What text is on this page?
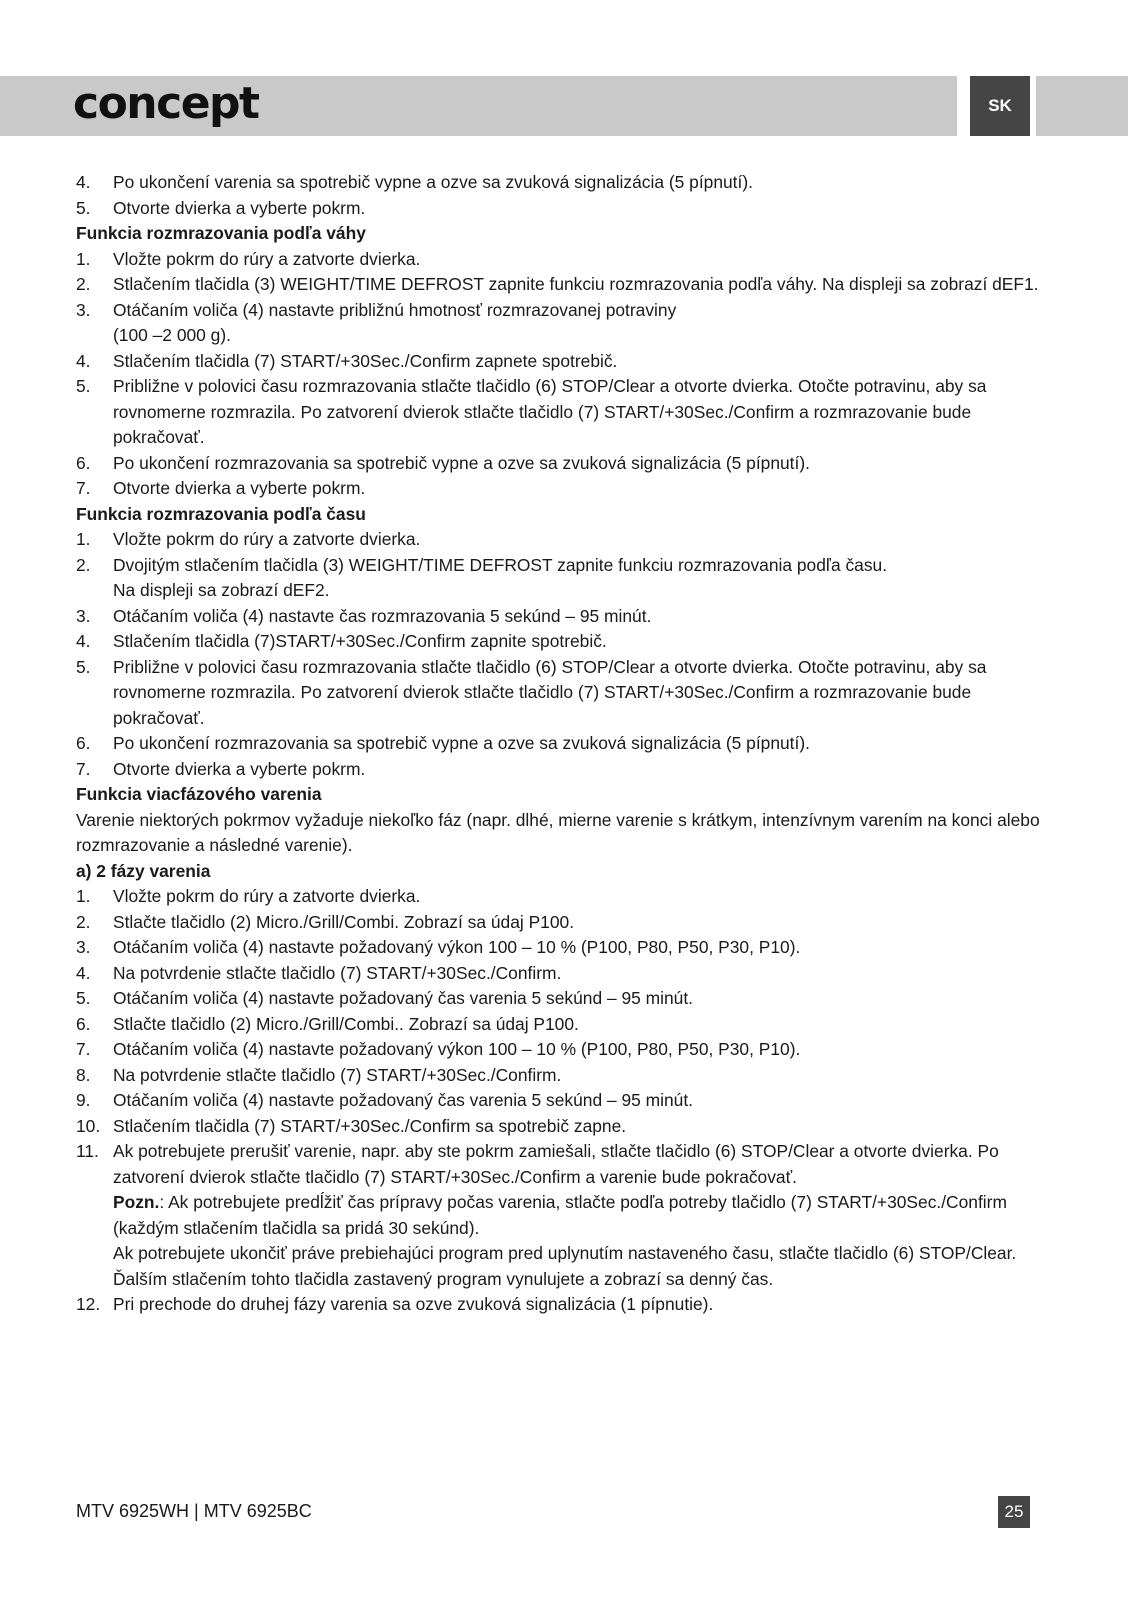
concept	SK
4. Po ukončení varenia sa spotrebič vypne a ozve sa zvuková signalizácia (5 pípnutí).
5. Otvorte dvierka a vyberte pokrm.
Funkcia rozmrazovania podľa váhy
1. Vložte pokrm do rúry a zatvorte dvierka.
2. Stlačením tlačidla (3) WEIGHT/TIME DEFROST zapnite funkciu rozmrazovania podľa váhy. Na displeji sa zobrazí dEF1.
3. Otáčaním voliča (4) nastavte približnú hmotnosť rozmrazovanej potraviny
(100 –2 000 g).
4. Stlačením tlačidla (7) START/+30Sec./Confirm zapnete spotrebič.
5. Približne v polovici času rozmrazovania stlačte tlačidlo (6) STOP/Clear a otvorte dvierka. Otočte potravinu, aby sa rovnomerne rozmrazila. Po zatvorení dvierok stlačte tlačidlo (7) START/+30Sec./Confirm a rozmrazovanie bude pokračovať.
6. Po ukončení rozmrazovania sa spotrebič vypne a ozve sa zvuková signalizácia (5 pípnutí).
7. Otvorte dvierka a vyberte pokrm.
Funkcia rozmrazovania podľa času
1. Vložte pokrm do rúry a zatvorte dvierka.
2. Dvojitým stlačením tlačidla (3) WEIGHT/TIME DEFROST zapnite funkciu rozmrazovania podľa času.
Na displeji sa zobrazí dEF2.
3. Otáčaním voliča (4) nastavte čas rozmrazovania 5 sekúnd – 95 minút.
4. Stlačením tlačidla (7)START/+30Sec./Confirm zapnite spotrebič.
5. Približne v polovici času rozmrazovania stlačte tlačidlo (6) STOP/Clear a otvorte dvierka. Otočte potravinu, aby sa rovnomerne rozmrazila. Po zatvorení dvierok stlačte tlačidlo (7) START/+30Sec./Confirm a rozmrazovanie bude pokračovať.
6. Po ukončení rozmrazovania sa spotrebič vypne a ozve sa zvuková signalizácia (5 pípnutí).
7. Otvorte dvierka a vyberte pokrm.
Funkcia viacfázového varenia

Varenie niektorých pokrmov vyžaduje niekoľko fáz (napr. dlhé, mierne varenie s krátkym, intenzívnym varením na konci alebo rozmrazovanie a následné varenie).

a) 2 fázy varenia
1. Vložte pokrm do rúry a zatvorte dvierka.
2. Stlačte tlačidlo (2) Micro./Grill/Combi. Zobrazí sa údaj P100.
3. Otáčaním voliča (4) nastavte požadovaný výkon 100 – 10 % (P100, P80, P50, P30, P10).
4. Na potvrdenie stlačte tlačidlo (7) START/+30Sec./Confirm.
5. Otáčaním voliča (4) nastavte požadovaný čas varenia 5 sekúnd – 95 minút.
6. Stlačte tlačidlo (2) Micro./Grill/Combi.. Zobrazí sa údaj P100.
7. Otáčaním voliča (4) nastavte požadovaný výkon 100 – 10 % (P100, P80, P50, P30, P10).
8. Na potvrdenie stlačte tlačidlo (7) START/+30Sec./Confirm.
9. Otáčaním voliča (4) nastavte požadovaný čas varenia 5 sekúnd – 95 minút.
10. Stlačením tlačidla (7) START/+30Sec./Confirm sa spotrebič zapne.
11. Ak potrebujete prerušiť varenie, napr. aby ste pokrm zamiešali, stlačte tlačidlo (6) STOP/Clear a otvorte dvierka. Po zatvorení dvierok stlačte tlačidlo (7) START/+30Sec./Confirm a varenie bude pokračovať.
Pozn.: Ak potrebujete predĺžiť čas prípravy počas varenia, stlačte podľa potreby tlačidlo (7) START/+30Sec./Confirm (každým stlačením tlačidla sa pridá 30 sekúnd).
Ak potrebujete ukončiť práve prebiehajúci program pred uplynutím nastaveného času, stlačte tlačidlo (6) STOP/Clear. Ďalším stlačením tohto tlačidla zastavený program vynulujete a zobrazí sa denný čas.
12. Pri prechode do druhej fázy varenia sa ozve zvuková signalizácia (1 pípnutie).
MTV 6925WH | MTV 6925BC	25
